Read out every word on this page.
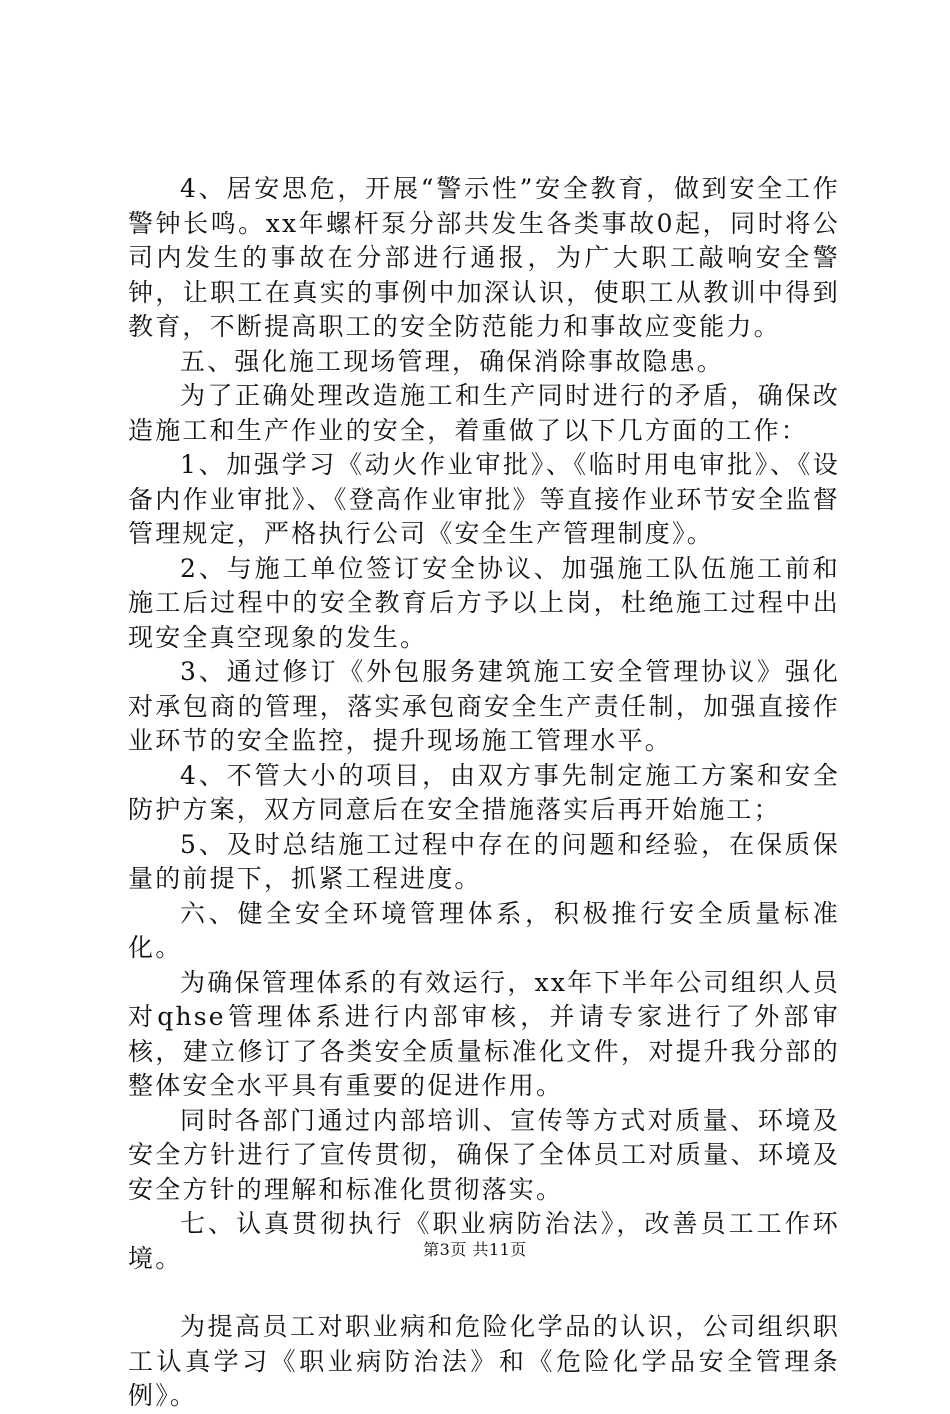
4、居安思危，开展“警示性”安全教育，做到安全工作警钟长鸣。xx年螺杆泵分部共发生各类事故0起，同时将公司内发生的事故在分部进行通报，为广大职工敲响安全警钟，让职工在真实的事例中加深认识，使职工从教训中得到教育，不断提高职工的安全防范能力和事故应变能力。

五、强化施工现场管理，确保消除事故隐患。

为了正确处理改造施工和生产同时进行的矛盾，确保改造施工和生产作业的安全，着重做了以下几方面的工作：

1、加强学习《动火作业审批》、《临时用电审批》、《设备内作业审批》、《登高作业审批》等直接作业环节安全监督管理规定，严格执行公司《安全生产管理制度》。

2、与施工单位签订安全协议、加强施工队伍施工前和施工后过程中的安全教育后方予以上岗，杜绝施工过程中出现安全真空现象的发生。

3、通过修订《外包服务建筑施工安全管理协议》强化对承包商的管理，落实承包商安全生产责任制，加强直接作业环节的安全监控，提升现场施工管理水平。

4、不管大小的项目，由双方事先制定施工方案和安全防护方案，双方同意后在安全措施落实后再开始施工；

5、及时总结施工过程中存在的问题和经验，在保质保量的前提下，抓紧工程进度。

六、健全安全环境管理体系，积极推行安全质量标准化。

为确保管理体系的有效运行，xx年下半年公司组织人员对qhse管理体系进行内部审核，并请专家进行了外部审核，建立修订了各类安全质量标准化文件，对提升我分部的整体安全水平具有重要的促进作用。

同时各部门通过内部培训、宣传等方式对质量、环境及安全方针进行了宣传贯彻，确保了全体员工对质量、环境及安全方针的理解和标准化贯彻落实。

七、认真贯彻执行《职业病防治法》，改善员工工作环境。

为提高员工对职业病和危险化学品的认识，公司组织职工认真学习《职业病防治法》和《危险化学品安全管理条例》。

第3页 共11页
